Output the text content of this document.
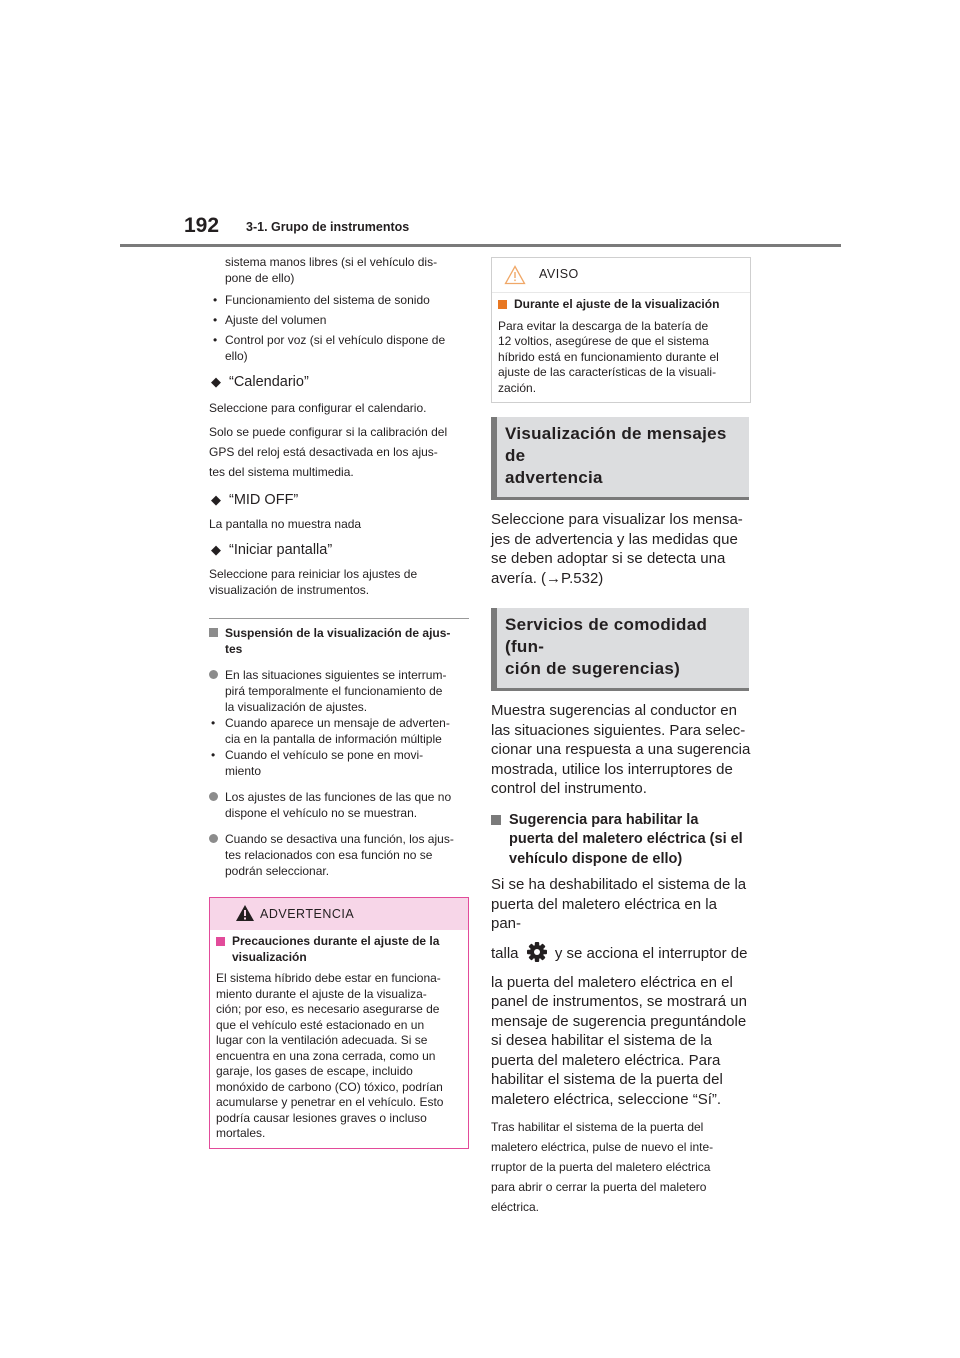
192 3-1. Grupo de instrumentos
sistema manos libres (si el vehículo dis-
pone de ello)
• Funcionamiento del sistema de sonido
• Ajuste del volumen
• Control por voz (si el vehículo dispone de
ello)
◆ “Calendario”
Seleccione para configurar el calendario.
Solo se puede configurar si la calibración del
GPS del reloj está desactivada en los ajus-
tes del sistema multimedia.
◆ “MID OFF”
La pantalla no muestra nada
◆ “Iniciar pantalla”
Seleccione para reiniciar los ajustes de
visualización de instrumentos.
Suspensión de la visualización de ajus-
tes
En las situaciones siguientes se interrum-
pirá temporalmente el funcionamiento de
la visualización de ajustes.
• Cuando aparece un mensaje de adverten-
cia en la pantalla de información múltiple
• Cuando el vehículo se pone en movi-
miento
Los ajustes de las funciones de las que no
dispone el vehículo no se muestran.
Cuando se desactiva una función, los ajus-
tes relacionados con esa función no se
podrán seleccionar.
ADVERTENCIA
Precauciones durante el ajuste de la
visualización
El sistema híbrido debe estar en funciona-
miento durante el ajuste de la visualiza-
ción; por eso, es necesario asegurarse de
que el vehículo esté estacionado en un
lugar con la ventilación adecuada. Si se
encuentra en una zona cerrada, como un
garaje, los gases de escape, incluido
monóxido de carbono (CO) tóxico, podrían
acumularse y penetrar en el vehículo. Esto
podría causar lesiones graves o incluso
mortales.
AVISO
Durante el ajuste de la visualización
Para evitar la descarga de la batería de
12 voltios, asegúrese de que el sistema
híbrido está en funcionamiento durante el
ajuste de las características de la visuali-
zación.
Visualización de mensajes de
advertencia
Seleccione para visualizar los mensa-
jes de advertencia y las medidas que
se deben adoptar si se detecta una
avería. (→P.532)
Servicios de comodidad (fun-
ción de sugerencias)
Muestra sugerencias al conductor en
las situaciones siguientes. Para selec-
cionar una respuesta a una sugerencia
mostrada, utilice los interruptores de
control del instrumento.
Sugerencia para habilitar la
puerta del maletero eléctrica (si el
vehículo dispone de ello)
Si se ha deshabilitado el sistema de la
puerta del maletero eléctrica en la pan-
talla y se acciona el interruptor de
la puerta del maletero eléctrica en el
panel de instrumentos, se mostrará un
mensaje de sugerencia preguntándole
si desea habilitar el sistema de la
puerta del maletero eléctrica. Para
habilitar el sistema de la puerta del
maletero eléctrica, seleccione “Sí”.
Tras habilitar el sistema de la puerta del
maletero eléctrica, pulse de nuevo el inte-
rruptor de la puerta del maletero eléctrica
para abrir o cerrar la puerta del maletero
eléctrica.
